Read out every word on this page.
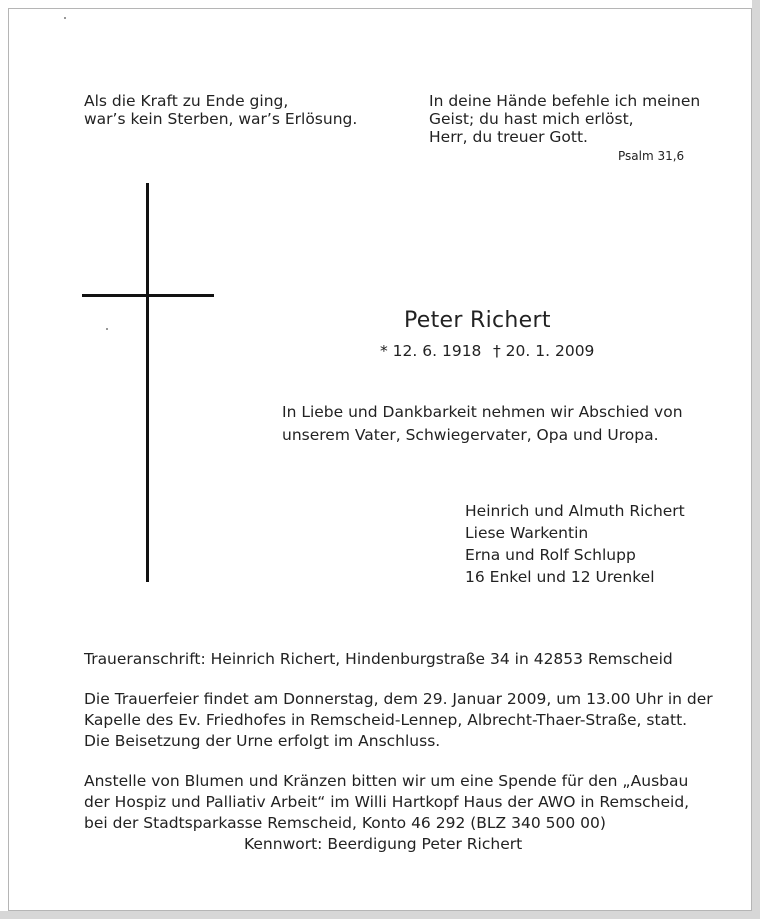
Als die Kraft zu Ende ging,
war’s kein Sterben, war’s Erlösung.
In deine Hände befehle ich meinen
Geist; du hast mich erlöst,
Herr, du treuer Gott.
Psalm 31,6
Peter Richert
* 12. 6. 1918 † 20. 1. 2009
In Liebe und Dankbarkeit nehmen wir Abschied von
unserem Vater, Schwiegervater, Opa und Uropa.
Heinrich und Almuth Richert
Liese Warkentin
Erna und Rolf Schlupp
16 Enkel und 12 Urenkel
Traueranschrift: Heinrich Richert, Hindenburgstraße 34 in 42853 Remscheid
Die Trauerfeier findet am Donnerstag, dem 29. Januar 2009, um 13.00 Uhr in der
Kapelle des Ev. Friedhofes in Remscheid-Lennep, Albrecht-Thaer-Straße, statt.
Die Beisetzung der Urne erfolgt im Anschluss.
Anstelle von Blumen und Kränzen bitten wir um eine Spende für den „Ausbau
der Hospiz und Palliativ Arbeit“ im Willi Hartkopf Haus der AWO in Remscheid,
bei der Stadtsparkasse Remscheid, Konto 46 292 (BLZ 340 500 00)
Kennwort: Beerdigung Peter Richert
